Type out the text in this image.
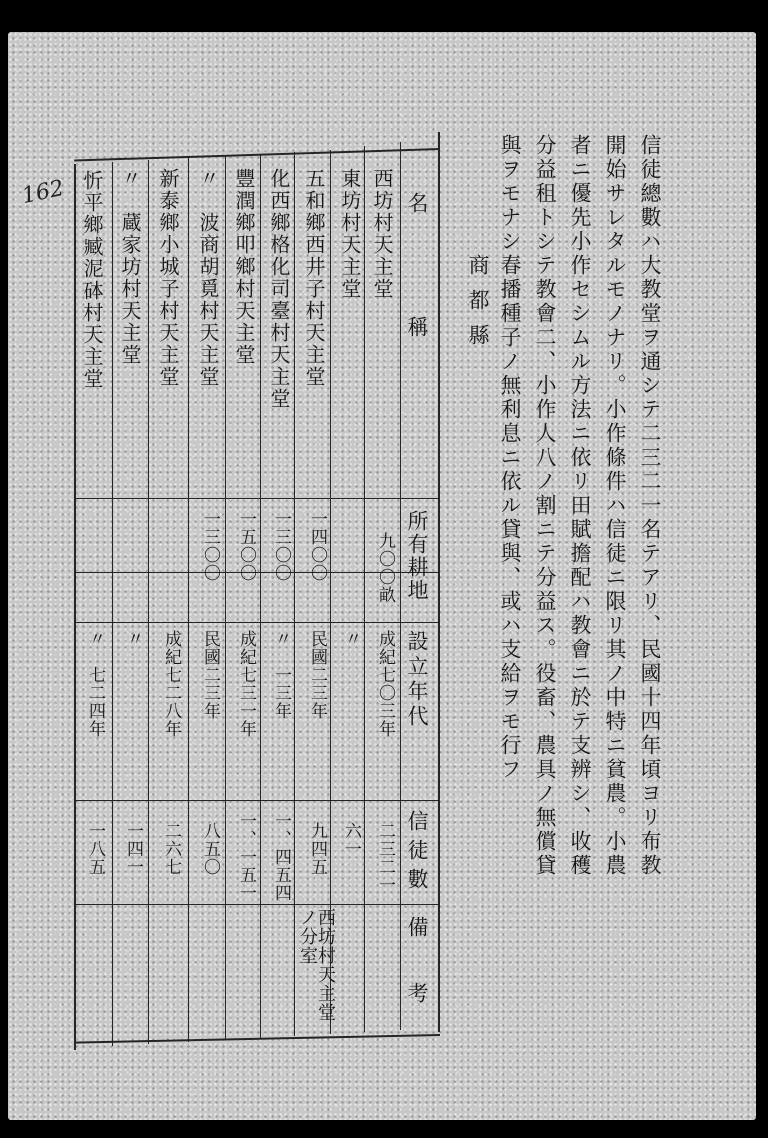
162	信徒總數ハ大教堂ヲ通シテ二三二一名テアリ、民國十四年頃ヨリ布教
開始サレタルモノナリ。小作條件ハ信徒ニ限リ其ノ中特ニ貧農。小農
者ニ優先小作セシムル方法ニ依リ田賦擔配ハ教會ニ於テ支辨シ、收穫
分益租トシテ教會二、小作人八ノ割ニテ分益ス。役畜、農具ノ無償貸
與ヲモナシ春播種子ノ無利息ニ依ル貸與、或ハ支給ヲモ行フ
商都縣
名　　　稱
所有耕地
設立年代
信徒數
備　考
西坊村天主堂
九〇〇畝
成紀七〇三年
二三二一
東坊村天主堂
〃
六一
西坊村天主堂ノ分室
五和鄉西井子村天主堂
一四〇〇
民國二三年
九四五
化西鄉格化司臺村天主堂
一三〇〇
〃　一三年
一、四五四
豐潤鄉叩鄉村天主堂
一五〇〇
成紀七三一年
一、一五一
〃　波商胡覓村天主堂
一三〇〇
民國二三年
八五〇
新泰鄉小城子村天主堂
成紀七二八年
二六七
〃　蔵家坊村天主堂
〃
一四一
忻平鄉臧泥砵村天主堂
〃　七二四年
一八五
